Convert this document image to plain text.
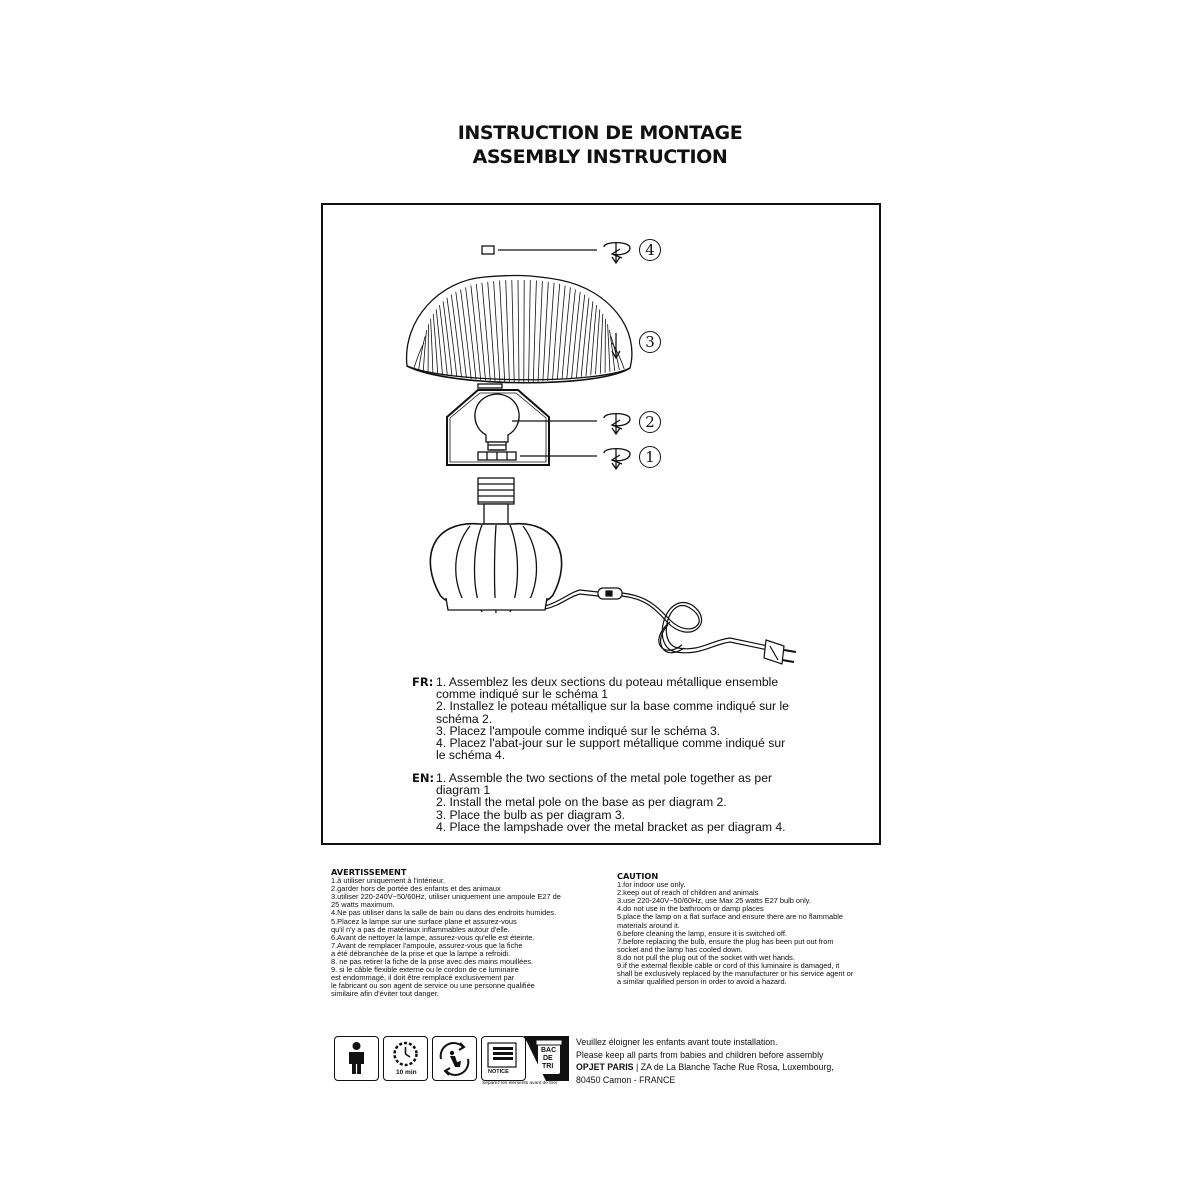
INSTRUCTION DE MONTAGE
ASSEMBLY INSTRUCTION
4
3
2
1
FR: 1. Assemblez les deux sections du poteau métallique ensemble
comme indiqué sur le schéma 1
2. Installez le poteau métallique sur la base comme indiqué sur le
schéma 2.
3. Placez l'ampoule comme indiqué sur le schéma 3.
4. Placez l'abat-jour sur le support métallique comme indiqué sur
le schéma 4.
EN: 1. Assemble the two sections of the metal pole together as per
diagram 1
2. Install the metal pole on the base as per diagram 2.
3. Place the bulb as per diagram 3.
4. Place the lampshade over the metal bracket as per diagram 4.
AVERTISSEMENT
1.à utiliser uniquement à l'intérieur.
2.garder hors de portée des enfants et des animaux
3.utiliser 220-240V~50/60Hz, utiliser uniquement une ampoule E27 de
25 watts maximum.
4.Ne pas utiliser dans la salle de bain ou dans des endroits humides.
5.Placez la lampe sur une surface plane et assurez-vous
qu'il n'y a pas de matériaux inflammables autour d'elle.
6.Avant de nettoyer la lampe, assurez-vous qu'elle est éteinte.
7.Avant de remplacer l'ampoule, assurez-vous que la fiche
a été débranchée de la prise et que la lampe a refroidi.
8. ne pas retirer la fiche de la prise avec des mains mouillées.
9. si le câble flexible externe ou le cordon de ce luminaire
est endommagé, il doit être remplacé exclusivement par
le fabricant ou son agent de service ou une personne qualifiée
similaire afin d'éviter tout danger.
CAUTION
1.for indoor use only.
2.keep out of reach of children and animals
3.use 220-240V~50/60Hz, use Max 25 watts E27 bulb only.
4.do not use in the bathroom or damp places
5.place the lamp on a flat surface and ensure there are no flammable
materials around it.
6.before cleaning the lamp, ensure it is switched off.
7.before replacing the bulb, ensure the plug has been put out from
socket and the lamp has cooled down.
8.do not pull the plug out of the socket with wet hands.
9.if the external flexible cable or cord of this luminaire is damaged, it
shall be exclusively replaced by the manufacturer or his service agent or
a similar qualified person in order to avoid a hazard.
10 min	NOTICE
BAC
DE
TRI
Séparez les éléments avant de trier
Veuillez éloigner les enfants avant toute installation.
Please keep all parts from babies and children before assembly
OPJET PARIS | ZA de La Blanche Tache Rue Rosa, Luxembourg,
80450 Camon - FRANCE
